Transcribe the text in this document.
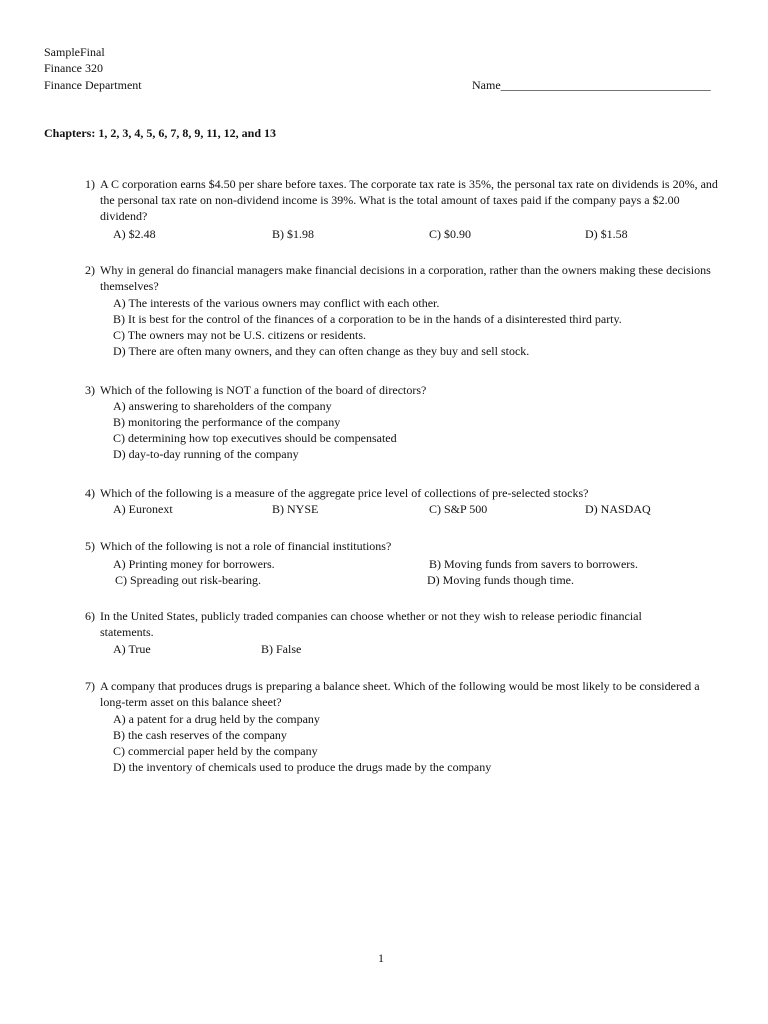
SampleFinal
Finance 320
Finance Department	Name___________________________________
Chapters: 1, 2, 3, 4, 5, 6, 7, 8, 9, 11, 12, and 13
1) A C corporation earns $4.50 per share before taxes. The corporate tax rate is 35%, the personal tax rate on dividends is 20%, and the personal tax rate on non-dividend income is 39%. What is the total amount of taxes paid if the company pays a $2.00 dividend?
A) $2.48	B) $1.98	C) $0.90	D) $1.58
2) Why in general do financial managers make financial decisions in a corporation, rather than the owners making these decisions themselves?
A) The interests of the various owners may conflict with each other.
B) It is best for the control of the finances of a corporation to be in the hands of a disinterested third party.
C) The owners may not be U.S. citizens or residents.
D) There are often many owners, and they can often change as they buy and sell stock.
3) Which of the following is NOT a function of the board of directors?
A) answering to shareholders of the company
B) monitoring the performance of the company
C) determining how top executives should be compensated
D) day-to-day running of the company
4) Which of the following is a measure of the aggregate price level of collections of pre-selected stocks?
A) Euronext	B) NYSE	C) S&P 500	D) NASDAQ
5) Which of the following is not a role of financial institutions?
A) Printing money for borrowers.	B) Moving funds from savers to borrowers.
C) Spreading out risk-bearing.	D) Moving funds though time.
6) In the United States, publicly traded companies can choose whether or not they wish to release periodic financial statements.
A) True	B) False
7) A company that produces drugs is preparing a balance sheet. Which of the following would be most likely to be considered a long-term asset on this balance sheet?
A) a patent for a drug held by the company
B) the cash reserves of the company
C) commercial paper held by the company
D) the inventory of chemicals used to produce the drugs made by the company
1
